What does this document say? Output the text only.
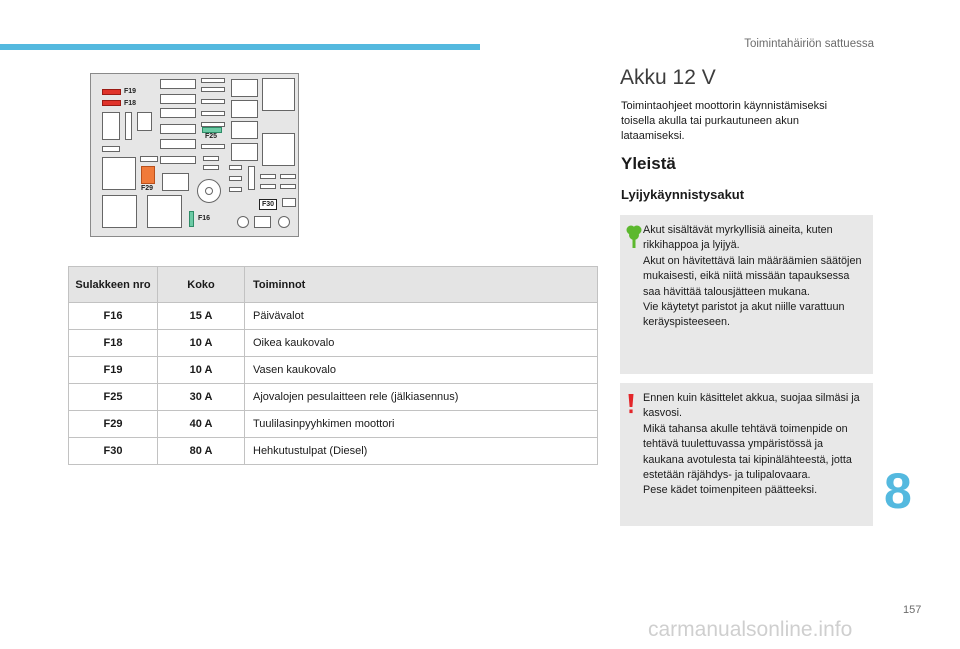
Toimintahäiriön sattuessa
F19
F18
F25
F29
F30
F16
Sulakkeen nro	Koko	Toiminnot
F16	15 A	Päivävalot
F18	10 A	Oikea kaukovalo
F19	10 A	Vasen kaukovalo
F25	30 A	Ajovalojen pesulaitteen rele (jälkiasennus)
F29	40 A	Tuulilasinpyyhkimen moottori
F30	80 A	Hehkutustulpat (Diesel)
Akku 12 V
Toimintaohjeet moottorin käynnistämiseksi toisella akulla tai purkautuneen akun lataamiseksi.
Yleistä
Lyijykäynnistysakut

Akut sisältävät myrkyllisiä aineita, kuten rikkihappoa ja lyijyä.

Akut on hävitettävä lain määräämien säätöjen mukaisesti, eikä niitä missään tapauksessa saa hävittää talousjätteen mukana.

Vie käytetyt paristot ja akut niille varattuun keräyspisteeseen.

Ennen kuin käsittelet akkua, suojaa silmäsi ja kasvosi.

Mikä tahansa akulle tehtävä toimenpide on tehtävä tuulettuvassa ympäristössä ja kaukana avotulesta tai kipinälähteestä, jotta estetään räjähdys- ja tulipalovaara.

Pese kädet toimenpiteen päätteeksi.	8
157
carmanualsonline.info
